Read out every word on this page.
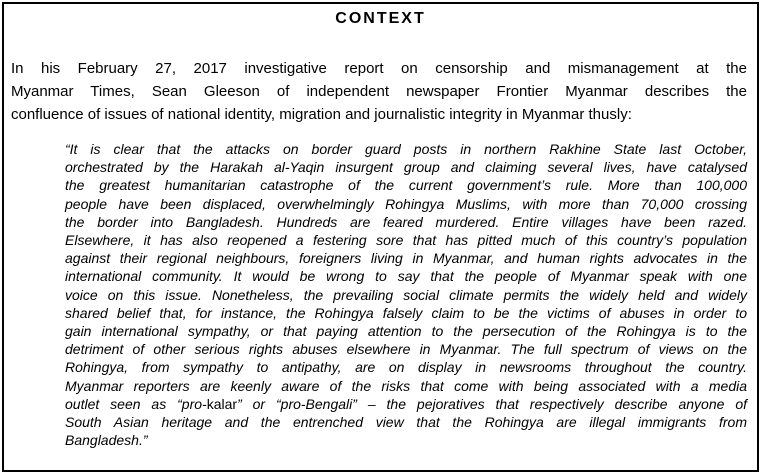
CONTEXT
In his February 27, 2017 investigative report on censorship and mismanagement at the
Myanmar Times, Sean Gleeson of independent newspaper Frontier Myanmar describes the
confluence of issues of national identity, migration and journalistic integrity in Myanmar thusly:
“It is clear that the attacks on border guard posts in northern Rakhine State last October,
orchestrated by the Harakah al-Yaqin insurgent group and claiming several lives, have catalysed
the greatest humanitarian catastrophe of the current government’s rule. More than 100,000
people have been displaced, overwhelmingly Rohingya Muslims, with more than 70,000 crossing
the border into Bangladesh. Hundreds are feared murdered. Entire villages have been razed.
Elsewhere, it has also reopened a festering sore that has pitted much of this country’s population
against their regional neighbours, foreigners living in Myanmar, and human rights advocates in the
international community. It would be wrong to say that the people of Myanmar speak with one
voice on this issue. Nonetheless, the prevailing social climate permits the widely held and widely
shared belief that, for instance, the Rohingya falsely claim to be the victims of abuses in order to
gain international sympathy, or that paying attention to the persecution of the Rohingya is to the
detriment of other serious rights abuses elsewhere in Myanmar. The full spectrum of views on the
Rohingya, from sympathy to antipathy, are on display in newsrooms throughout the country.
Myanmar reporters are keenly aware of the risks that come with being associated with a media
outlet seen as “pro-kalar” or “pro-Bengali” – the pejoratives that respectively describe anyone of
South Asian heritage and the entrenched view that the Rohingya are illegal immigrants from
Bangladesh.”
